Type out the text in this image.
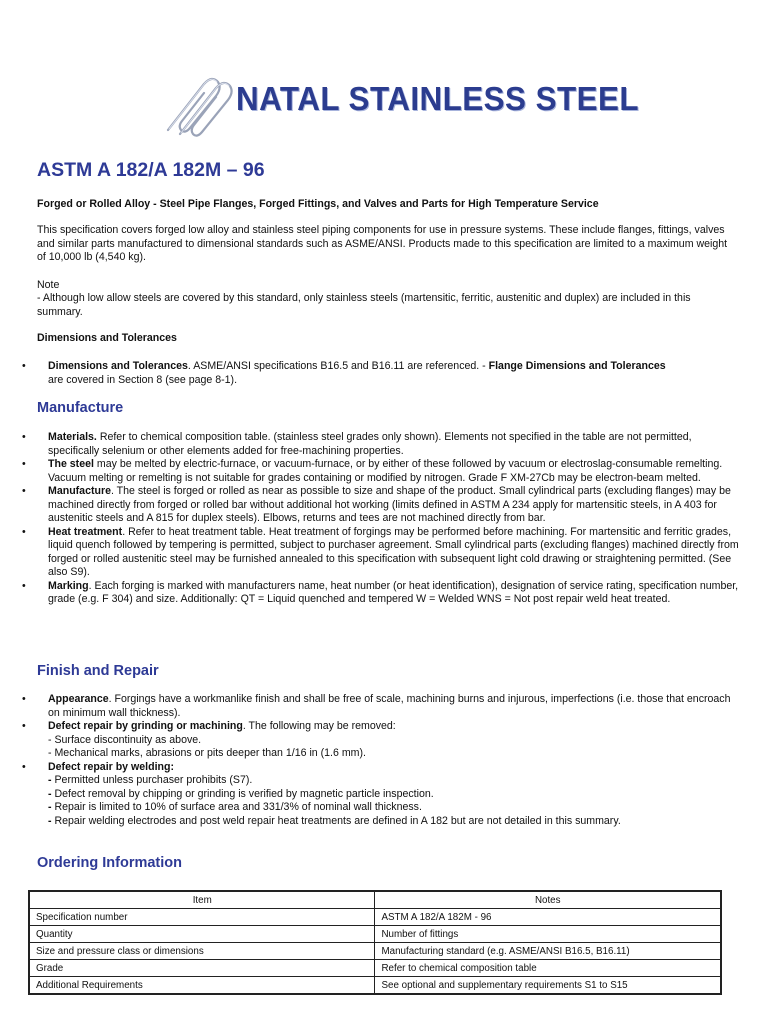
NATAL STAINLESS STEEL
ASTM A 182/A 182M – 96

Forged or Rolled Alloy - Steel Pipe Flanges, Forged Fittings, and Valves and Parts for High Temperature Service

This specification covers forged low alloy and stainless steel piping components for use in pressure systems. These include flanges, fittings, valves and similar parts manufactured to dimensional standards such as ASME/ANSI. Products made to this specification are limited to a maximum weight of 10,000 lb (4,540 kg).

Note

- Although low allow steels are covered by this standard, only stainless steels (martensitic, ferritic, austenitic and duplex) are included in this summary.

Dimensions and Tolerances

• Dimensions and Tolerances. ASME/ANSI specifications B16.5 and B16.11 are referenced. - Flange Dimensions and Tolerances
are covered in Section 8 (see page 8-1).
Manufacture
• Materials. Refer to chemical composition table. (stainless steel grades only shown). Elements not specified in the table are not permitted, specifically selenium or other elements added for free-machining properties.
• The steel may be melted by electric-furnace, or vacuum-furnace, or by either of these followed by vacuum or electroslag-consumable remelting. Vacuum melting or remelting is not suitable for grades containing or modified by nitrogen. Grade F XM-27Cb may be electron-beam melted.
• Manufacture. The steel is forged or rolled as near as possible to size and shape of the product. Small cylindrical parts (excluding flanges) may be machined directly from forged or rolled bar without additional hot working (limits defined in ASTM A 234 apply for martensitic steels, in A 403 for austenitic steels and A 815 for duplex steels). Elbows, returns and tees are not machined directly from bar.
• Heat treatment. Refer to heat treatment table. Heat treatment of forgings may be performed before machining. For martensitic and ferritic grades, liquid quench followed by tempering is permitted, subject to purchaser agreement. Small cylindrical parts (excluding flanges) machined directly from forged or rolled austenitic steel may be furnished annealed to this specification with subsequent light cold drawing or straightening permitted. (See also S9).
• Marking. Each forging is marked with manufacturers name, heat number (or heat identification), designation of service rating, specification number, grade (e.g. F 304) and size. Additionally: QT = Liquid quenched and tempered W = Welded WNS = Not post repair weld heat treated.
Finish and Repair
• Appearance. Forgings have a workmanlike finish and shall be free of scale, machining burns and injurous, imperfections (i.e. those that encroach on minimum wall thickness).
• Defect repair by grinding or machining. The following may be removed:
- Surface discontinuity as above.
- Mechanical marks, abrasions or pits deeper than 1/16 in (1.6 mm).
• Defect repair by welding:
- Permitted unless purchaser prohibits (S7).
- Defect removal by chipping or grinding is verified by magnetic particle inspection.
- Repair is limited to 10% of surface area and 331/3% of nominal wall thickness.
- Repair welding electrodes and post weld repair heat treatments are defined in A 182 but are not detailed in this summary.
Ordering Information
Item	Notes
Specification number	ASTM A 182/A 182M - 96
Quantity	Number of fittings
Size and pressure class or dimensions	Manufacturing standard (e.g. ASME/ANSI B16.5, B16.11)
Grade	Refer to chemical composition table
Additional Requirements	See optional and supplementary requirements S1 to S15
